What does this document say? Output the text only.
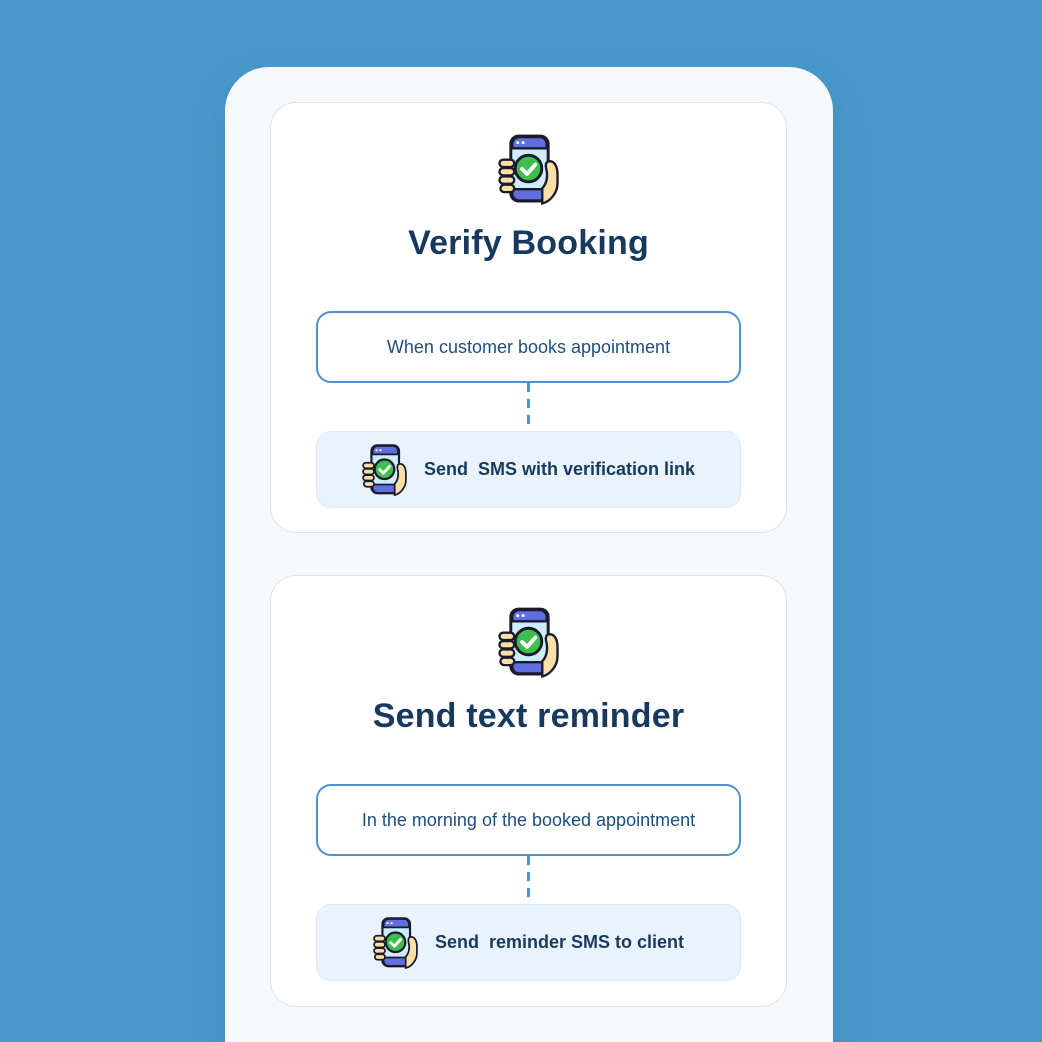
Verify Booking
When customer books appointment
Send  SMS with verification link
Send text reminder
In the morning of the booked appointment
Send  reminder SMS to client
